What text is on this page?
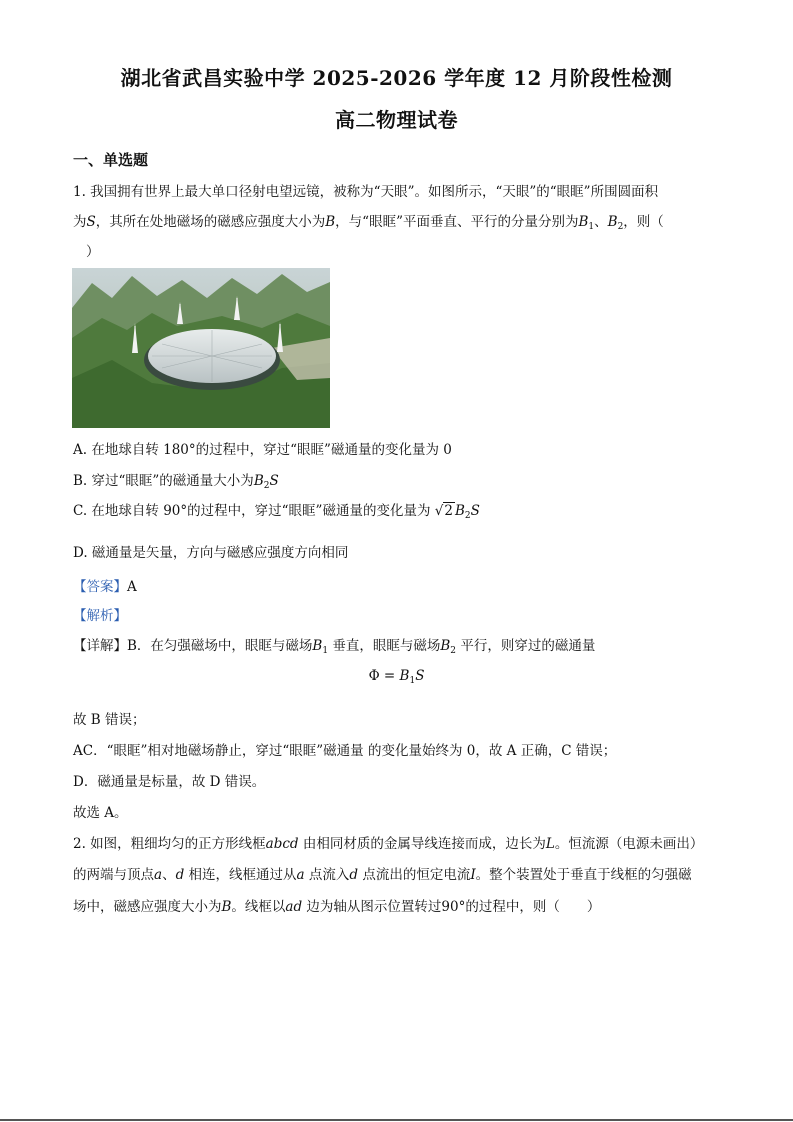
湖北省武昌实验中学 2025-2026 学年度 12 月阶段性检测
高二物理试卷
一、单选题
1. 我国拥有世界上最大单口径射电望远镜，被称为“天眼”。如图所示，“天眼”的“眼眶”所围圆面积
为S，其所在处地磁场的磁感应强度大小为B，与“眼眶”平面垂直、平行的分量分别为$B_1$、$B_2$，则（
）
A. 在地球自转 180°的过程中，穿过“眼眶”磁通量的变化量为 0
B. 穿过“眼眶”的磁通量大小为$B_2S$
C. 在地球自转 90°的过程中，穿过“眼眶”磁通量的变化量为 √2 $B_2S$
D. 磁通量是矢量，方向与磁感应强度方向相同
【答案】A
【解析】
【详解】B．在匀强磁场中，眼眶与磁场$B_1$ 垂直，眼眶与磁场$B_2$ 平行，则穿过的磁通量
$\Phi = B_1S$
故 B 错误；
AC．“眼眶”相对地磁场静止，穿过“眼眶”磁通量 的变化量始终为 0，故 A 正确，C 错误；
D．磁通量是标量，故 D 错误。
故选 A。
2. 如图，粗细均匀的正方形线框abcd 由相同材质的金属导线连接而成，边长为L。恒流源（电源未画出）
的两端与顶点a、d 相连，线框通过从a 点流入d 点流出的恒定电流I。整个装置处于垂直于线框的匀强磁
场中，磁感应强度大小为B。线框以ad 边为轴从图示位置转过90°的过程中，则（　　）
